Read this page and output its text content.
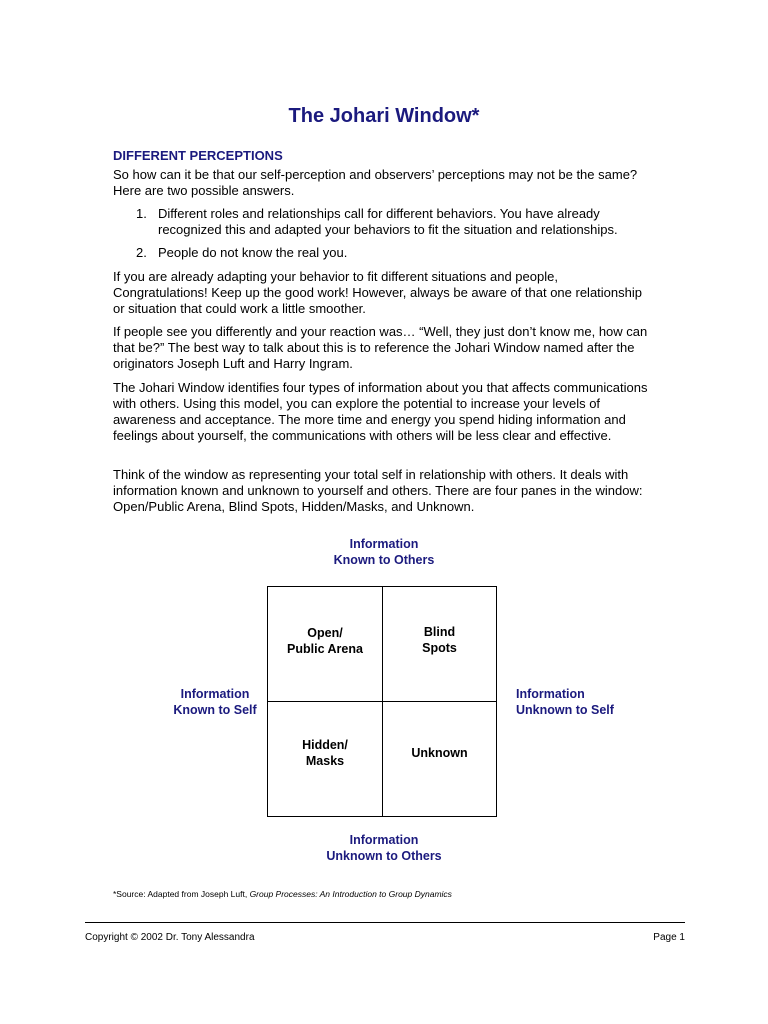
The Johari Window*
DIFFERENT PERCEPTIONS

So how can it be that our self-perception and observers’ perceptions may not be the same? Here are two possible answers.

1. Different roles and relationships call for different behaviors. You have already recognized this and adapted your behaviors to fit the situation and relationships.
2. People do not know the real you.

If you are already adapting your behavior to fit different situations and people, Congratulations! Keep up the good work! However, always be aware of that one relationship or situation that could work a little smoother.

If people see you differently and your reaction was… “Well, they just don’t know me, how can that be?” The best way to talk about this is to reference the Johari Window named after the originators Joseph Luft and Harry Ingram.

The Johari Window identifies four types of information about you that affects communications with others. Using this model, you can explore the potential to increase your levels of awareness and acceptance. The more time and energy you spend hiding information and feelings about yourself, the communications with others will be less clear and effective.

Think of the window as representing your total self in relationship with others. It deals with information known and unknown to yourself and others. There are four panes in the window: Open/Public Arena, Blind Spots, Hidden/Masks, and Unknown.

Information
Known to Others
Information
Known to Self
Information
Unknown to Self
Open/
Public Arena
Blind
Spots
Hidden/
Masks
Unknown
Information
Unknown to Others

*Source: Adapted from Joseph Luft, Group Processes: An Introduction to Group Dynamics

Copyright © 2002 Dr. Tony Alessandra	Page 1
